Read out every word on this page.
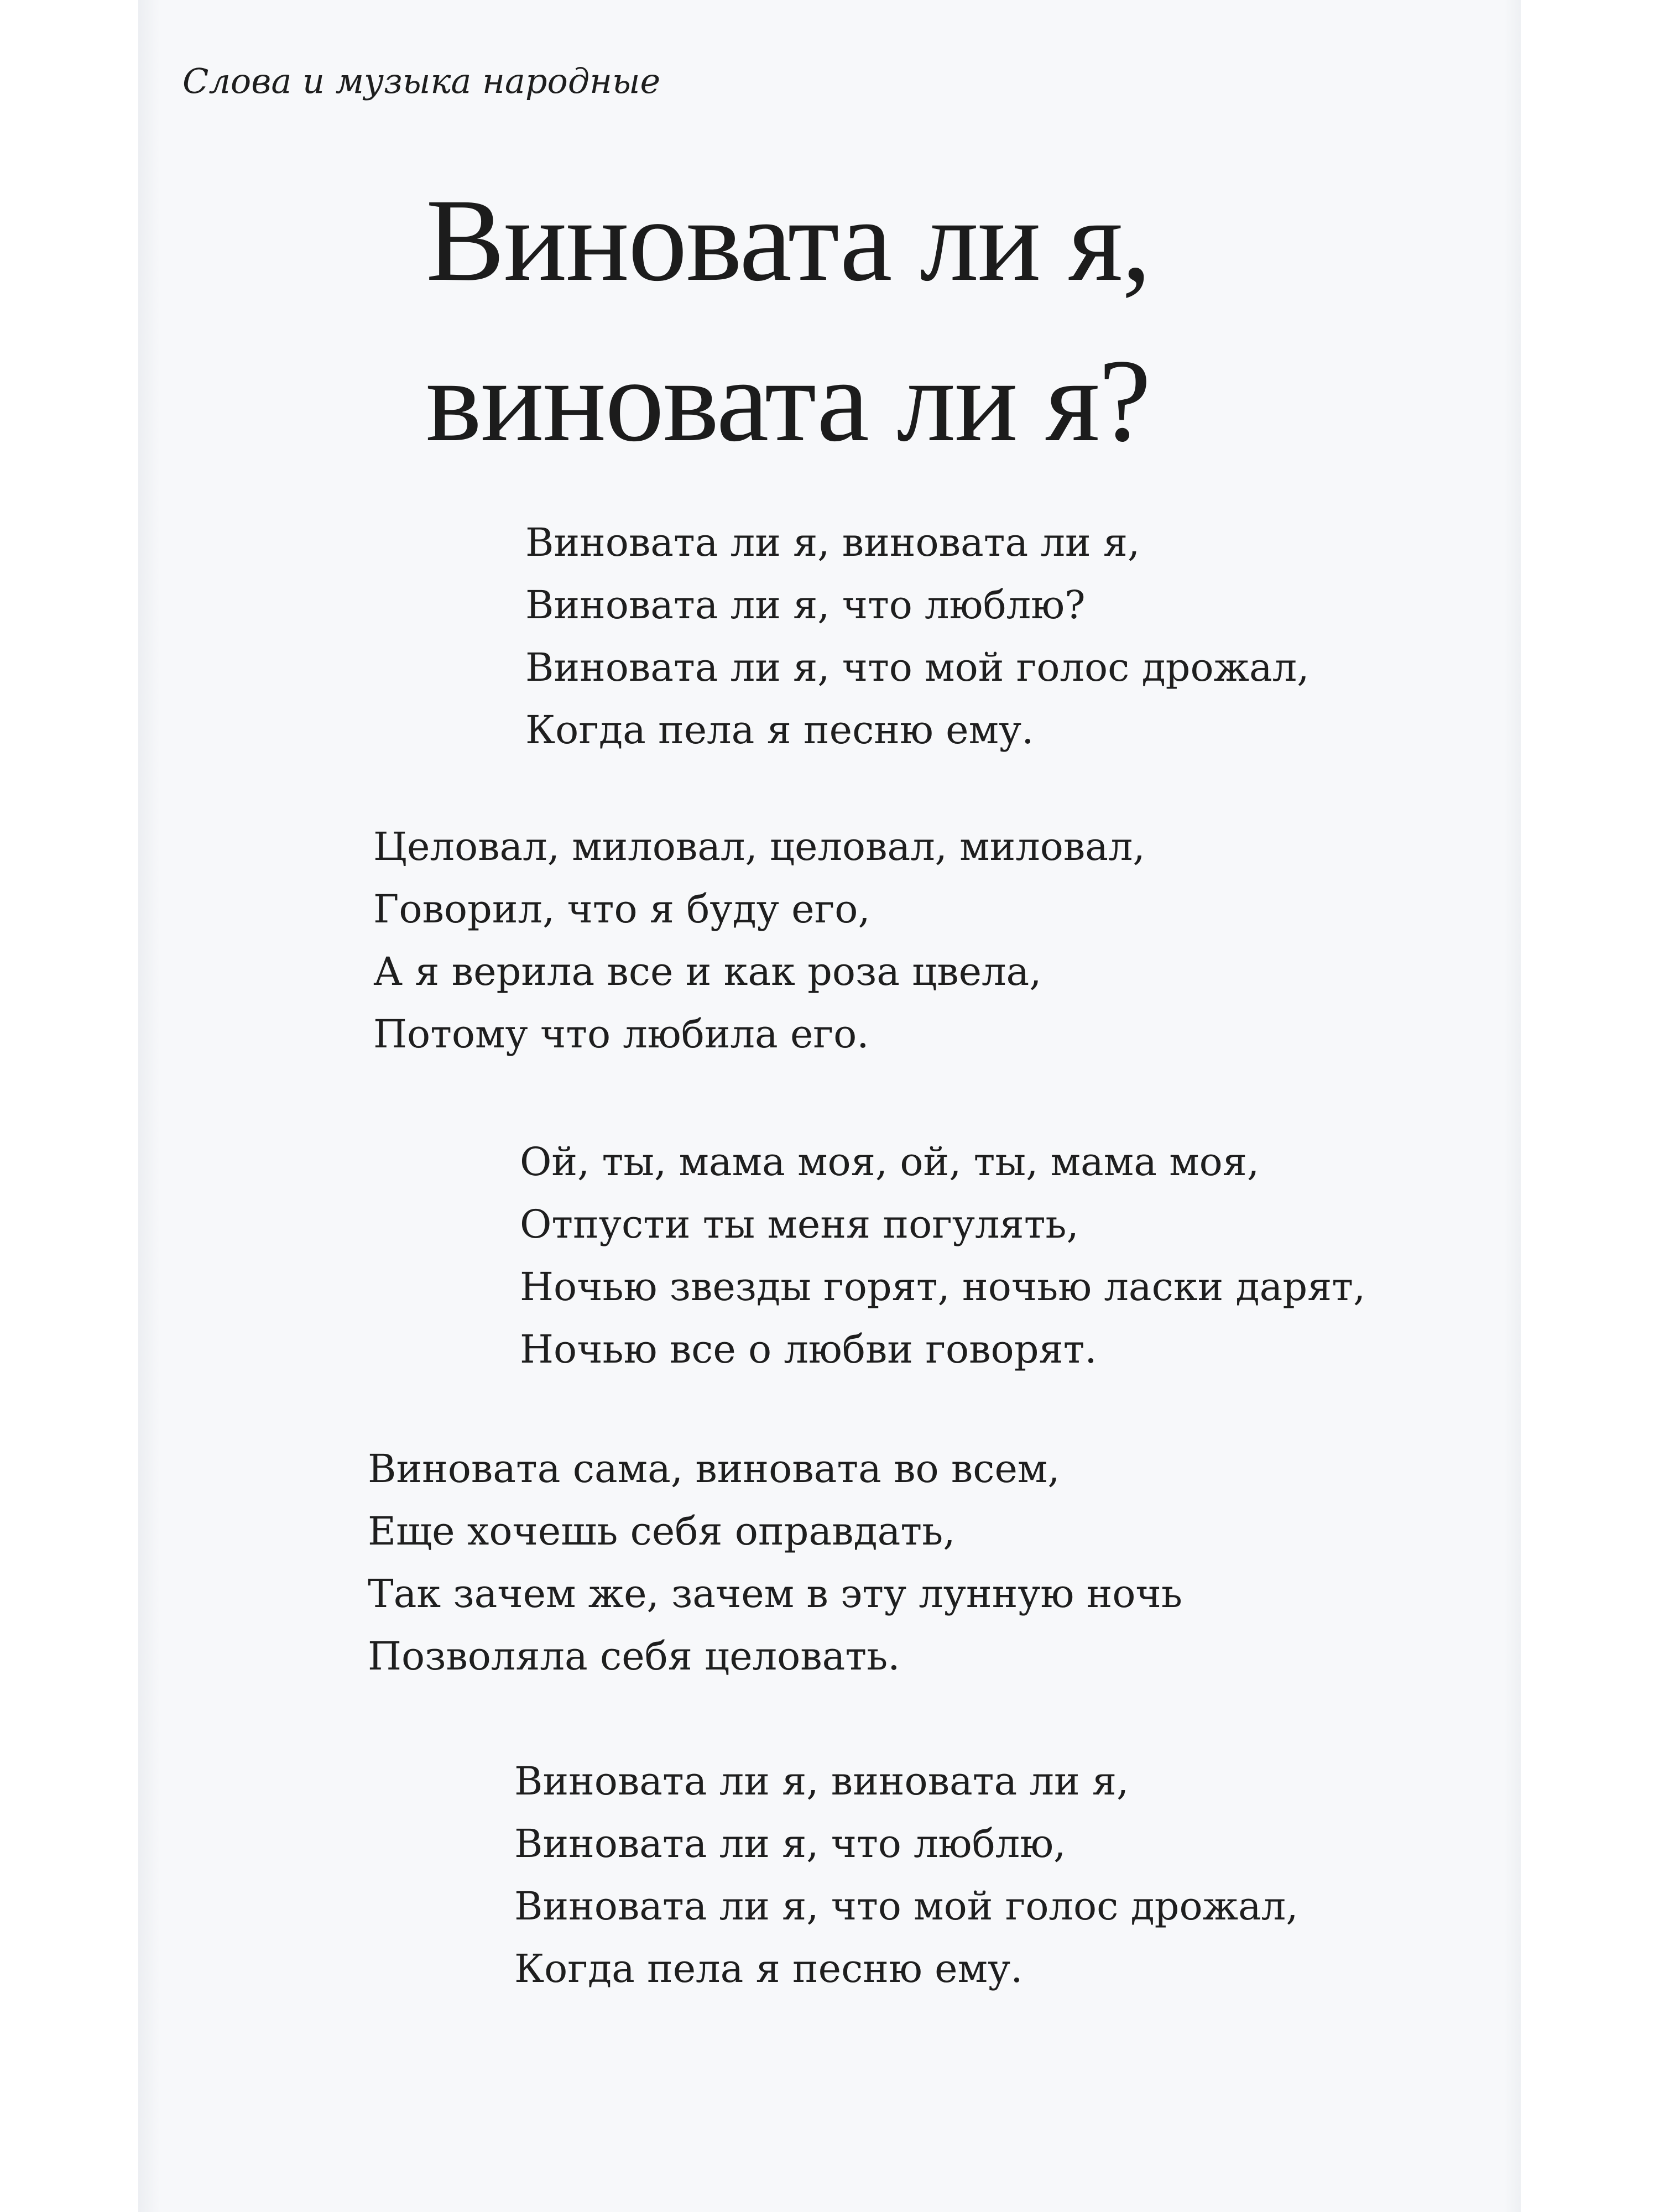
Слова и музыка народные

Виновата ли я,
виновата ли я?
Виновата ли я, виновата ли я,
Виновата ли я, что люблю?
Виновата ли я, что мой голос дрожал,
Когда пела я песню ему.
Целовал, миловал, целовал, миловал,
Говорил, что я буду его,
А я верила все и как роза цвела,
Потому что любила его.
Ой, ты, мама моя, ой, ты, мама моя,
Отпусти ты меня погулять,
Ночью звезды горят, ночью ласки дарят,
Ночью все о любви говорят.
Виновата сама, виновата во всем,
Еще хочешь себя оправдать,
Так зачем же, зачем в эту лунную ночь
Позволяла себя целовать.
Виновата ли я, виновата ли я,
Виновата ли я, что люблю,
Виновата ли я, что мой голос дрожал,
Когда пела я песню ему.
